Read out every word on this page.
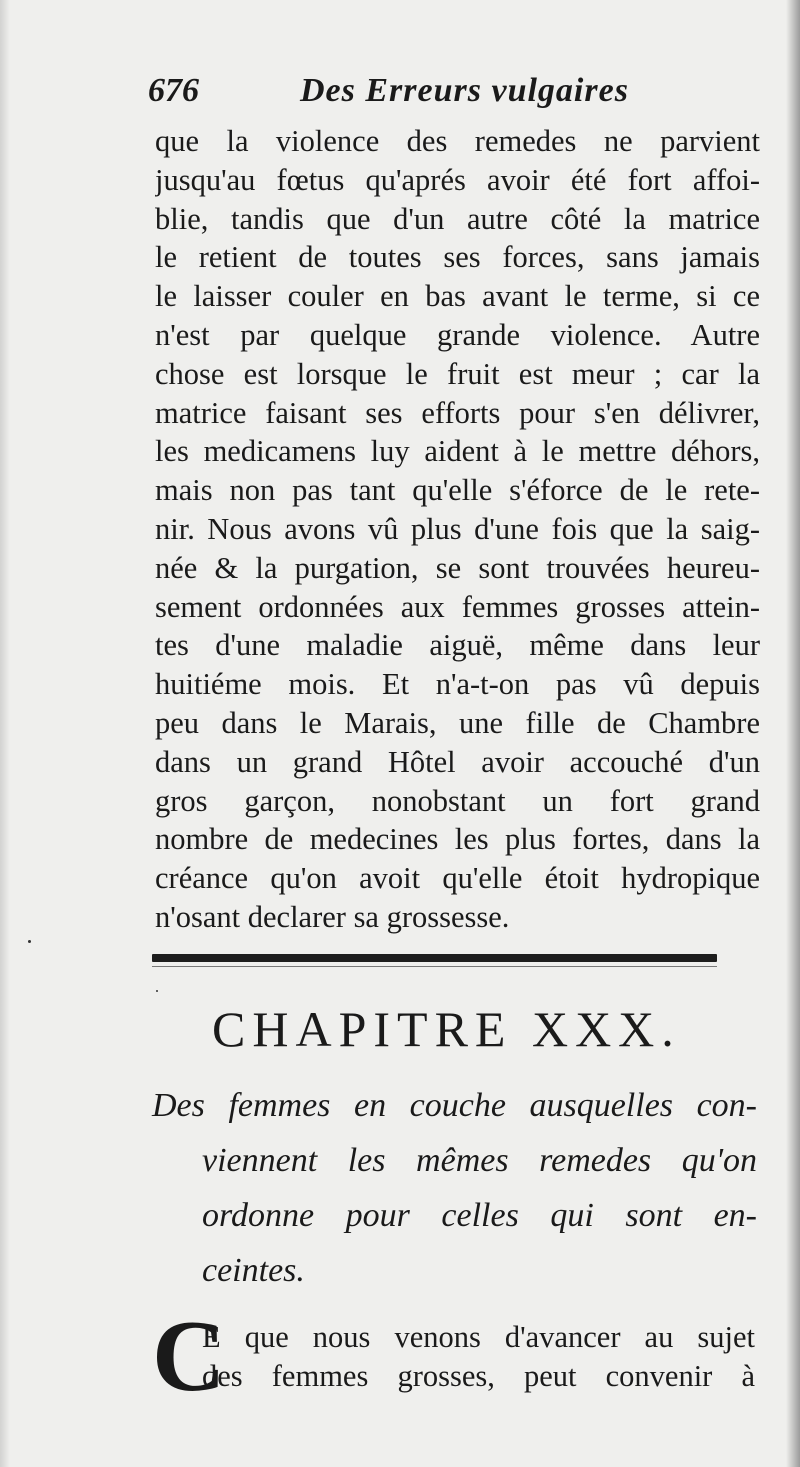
676	Des Erreurs vulgaires
que la violence des remedes ne parvient
jusqu'au fœtus qu'aprés avoir été fort affoi-
blie, tandis que d'un autre côté la matrice
le retient de toutes ses forces, sans jamais
le laisser couler en bas avant le terme, si ce
n'est par quelque grande violence. Autre
chose est lorsque le fruit est meur ; car la
matrice faisant ses efforts pour s'en délivrer,
les medicamens luy aident à le mettre déhors,
mais non pas tant qu'elle s'éforce de le rete-
nir. Nous avons vû plus d'une fois que la saig-
née & la purgation, se sont trouvées heureu-
sement ordonnées aux femmes grosses attein-
tes d'une maladie aiguë, même dans leur
huitiéme mois. Et n'a-t-on pas vû depuis
peu dans le Marais, une fille de Chambre
dans un grand Hôtel avoir accouché d'un
gros garçon, nonobstant un fort grand
nombre de medecines les plus fortes, dans la
créance qu'on avoit qu'elle étoit hydropique
n'osant declarer sa grossesse.
CHAPITRE XXX.
Des femmes en couche ausquelles con-
viennent les mêmes remedes qu'on
ordonne pour celles qui sont en-
ceintes.
C
E que nous venons d'avancer au sujet
des femmes grosses, peut convenir à
